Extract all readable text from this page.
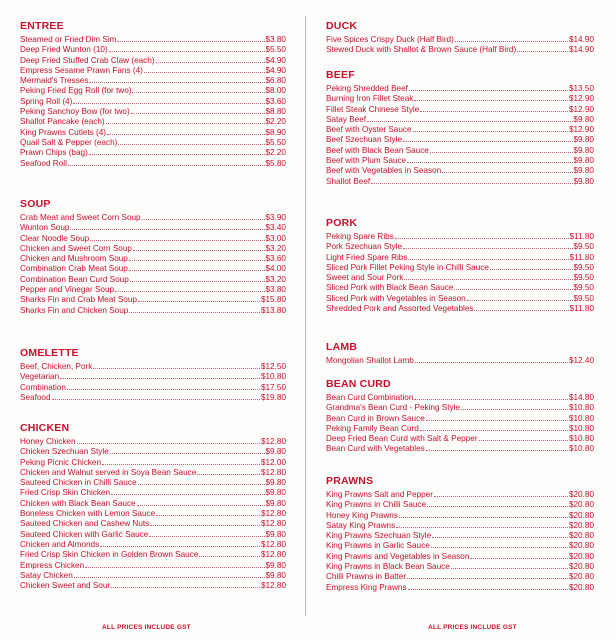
ENTREE
Steamed or Fried Dim Sim	$3.80
Deep Fried Wunton (10)	$5.50
Deep Fried Stuffed Crab Claw (each)	$4.90
Empress Sesame Prawn Fans (4)	$4.90
Mermaid's Tresses	$6.80
Peking Fried Egg Roll (for two)	$8.00
Spring Roll (4)	$3.60
Peking Sanchoy Bow (for two)	$8.80
Shallot Pancake (each)	$2.20
King Prawns Cutlets (4)	$8.90
Quail Salt & Pepper (each)	$5.50
Prawn Chips (bag)	$2.20
Seafood Roll	$5.80
SOUP
Crab Meat and Sweet Corn Soup	$3.90
Wunton Soup	$3.40
Clear Noodle Soup	$3.00
Chicken and Sweet Corn Soup	$3.20
Chicken and Mushroom Soup	$3.60
Combination Crab Meat Soup	$4.00
Combination Bean Curd Soup	$3.20
Pepper and Vinegar Soup	$3.80
Sharks Fin and Crab Meat Soup	$15.80
Sharks Fin and Chicken Soup	$13.80
OMELETTE
Beef, Chicken, Pork	$12.50
Vegetarian	$10.80
Combination	$17.50
Seafood	$19.80
CHICKEN
Honey Chicken	$12.80
Chicken Szechuan Style	$9.80
Peking Picnic Chicken	$12.00
Chicken and Walnut served in Soya Bean Sauce	$12.80
Sauteed Chicken in Chilli Sauce	$9.80
Fried Crisp Skin Chicken	$9.80
Chicken with Black Bean Sauce	$9.80
Boneless Chicken with Lemon Sauce	$12.80
Sauteed Chicken and Cashew Nuts	$12.80
Sauteed Chicken with Garlic Sauce	$9.80
Chicken and Almonds	$12.80
Fried Crisp Skin Chicken in Golden Brown Sauce	$12.80
Empress Chicken	$9.80
Satay Chicken	$9.80
Chicken Sweet and Sour	$12.80
DUCK
Five Spices Crispy Duck (Half Bird)	$14.90
Stewed Duck with Shallot & Brown Sauce (Half Bird)	$14.90
BEEF
Peking Shredded Beef	$13.50
Burning Iron Fillet Steak	$12.90
Fillet Steak Chinese Style	$12.90
Satay Beef	$9.80
Beef with Oyster Sauce	$12.90
Beef Szechuan Style	$9.80
Beef with Black Bean Sauce	$9.80
Beef with Plum Sauce	$9.80
Beef with Vegetables in Season	$9.80
Shallot Beef	$9.80
PORK
Peking Spare Ribs	$11.80
Pork Szechuan Style	$9.50
Light Fried Spare Ribs	$11.80
Sliced Pork Fillet Peking Style in Chilli Sauce	$9.50
Sweet and Sour Pork	$9.50
Sliced Pork with Black Bean Sauce	$9.50
Sliced Pork with Vegetables in Season	$9.50
Shredded Pork and Assorted Vegetables	$11.80
LAMB
Mongolian Shallot Lamb	$12.40
BEAN CURD
Bean Curd Combination	$14.80
Grandma's Bean Curd - Peking Style	$10.80
Bean Curd in Brown Sauce	$10.80
Peking Family Bean Curd	$10.80
Deep Fried Bean Curd with Salt & Pepper	$10.80
Bean Curd with Vegetables	$10.80
PRAWNS
King Prawns Salt and Pepper	$20.80
King Prawns in Chilli Sauce	$20.80
Honey King Prawns	$20.80
Satay King Prawns	$20.80
King Prawns Szechuan Style	$20.80
King Prawns in Garlic Sauce	$20.80
King Prawns and Vegetables in Season	$20.80
King Prawns in Black Bean Sauce	$20.80
Chilli Prawns in Batter	$20.80
Empress King Prawns	$20.80
ALL PRICES INCLUDE GST	ALL PRICES INCLUDE GST
